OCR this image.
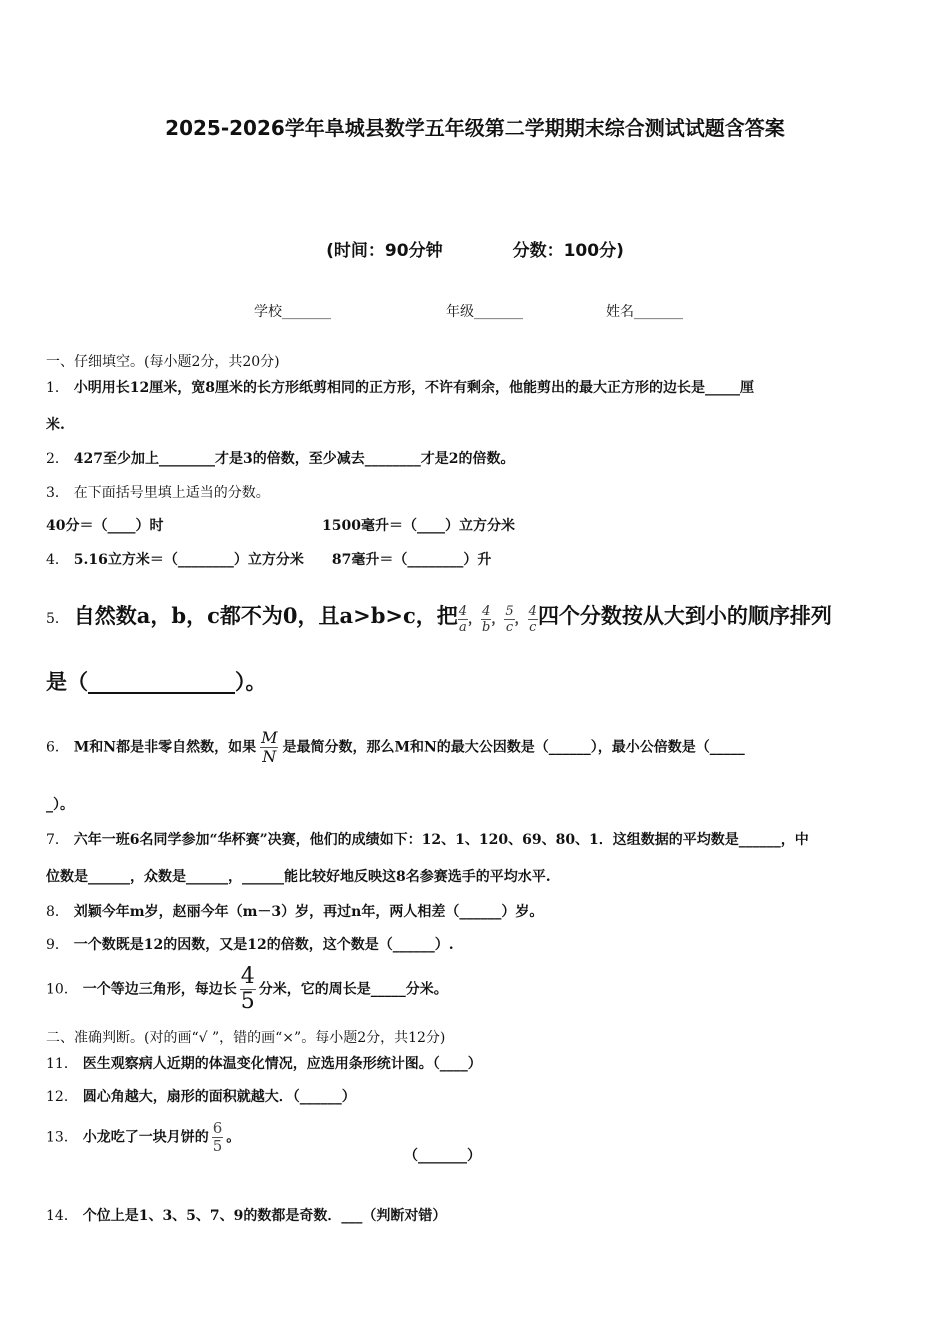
2025-2026学年阜城县数学五年级第二学期期末综合测试试题含答案
(时间：90分钟	分数：100分)
学校_______	年级_______	姓名_______
一、仔细填空。(每小题2分，共20分)
1． 小明用长12厘米，宽8厘米的长方形纸剪相同的正方形，不许有剩余，他能剪出的最大正方形的边长是_____厘
米.
2． 427至少加上________才是3的倍数，至少减去________才是2的倍数。
3． 在下面括号里填上适当的分数。
40分＝（____）时	1500毫升＝（____）立方分米
4． 5.16立方米＝（________）立方分米　　87毫升＝（________）升
5． 自然数a，b，c都不为0，且a>b>c，把 $\frac{4}{a}$ ， $\frac{4}{b}$ ， $\frac{5}{c}$ ， $\frac{4}{c}$ 四个分数按从大到小的顺序排列
是（______________）。
6． M和N都是非零自然数，如果 $\frac{M}{N}$ 是最简分数，那么M和N的最大公因数是（______），最小公倍数是（_____
_）。
7． 六年一班6名同学参加“华杯赛”决赛，他们的成绩如下：12、1、120、69、80、1．这组数据的平均数是______，中
位数是______，众数是______，______能比较好地反映这8名参赛选手的平均水平.
8． 刘颖今年m岁，赵丽今年（m－3）岁，再过n年，两人相差（______）岁。
9． 一个数既是12的因数，又是12的倍数，这个数是（______）.
10． 一个等边三角形，每边长 $\frac{4}{5}$ 分米，它的周长是_____分米。
二、准确判断。(对的画“√ ”，错的画“×”。每小题2分，共12分)
11． 医生观察病人近期的体温变化情况，应选用条形统计图。（____）
12． 圆心角越大，扇形的面积就越大．（______）
13． 小龙吃了一块月饼的 $\frac{6}{5}$ 。
（_______）
14． 个位上是1、3、5、7、9的数都是奇数．___（判断对错）
